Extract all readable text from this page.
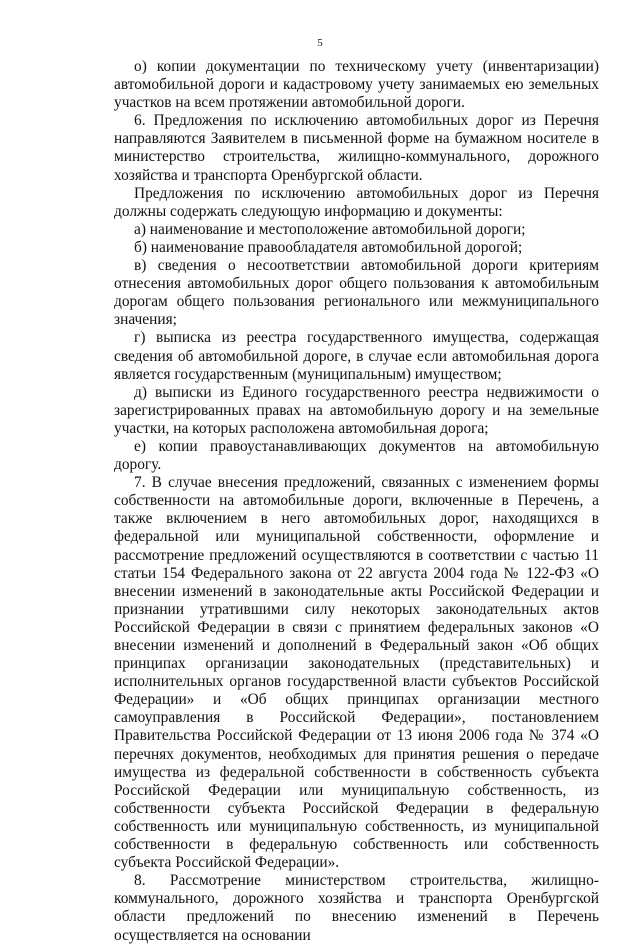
5

о) копии документации по техническому учету (инвентаризации) автомобильной дороги и кадастровому учету занимаемых ею земельных участков на всем протяжении автомобильной дороги.

6. Предложения по исключению автомобильных дорог из Перечня направляются Заявителем в письменной форме на бумажном носителе в министерство строительства, жилищно-коммунального, дорожного хозяйства и транспорта Оренбургской области.

Предложения по исключению автомобильных дорог из Перечня должны содержать следующую информацию и документы:

а) наименование и местоположение автомобильной дороги;

б) наименование правообладателя автомобильной дорогой;

в) сведения о несоответствии автомобильной дороги критериям отнесения автомобильных дорог общего пользования к автомобильным дорогам общего пользования регионального или межмуниципального значения;

г) выписка из реестра государственного имущества, содержащая сведения об автомобильной дороге, в случае если автомобильная дорога является государственным (муниципальным) имуществом;

д) выписки из Единого государственного реестра недвижимости о зарегистрированных правах на автомобильную дорогу и на земельные участки, на которых расположена автомобильная дорога;

е) копии правоустанавливающих документов на автомобильную дорогу.

7. В случае внесения предложений, связанных с изменением формы собственности на автомобильные дороги, включенные в Перечень, а также включением в него автомобильных дорог, находящихся в федеральной или муниципальной собственности, оформление и рассмотрение предложений осуществляются в соответствии с частью 11 статьи 154 Федерального закона от 22 августа 2004 года № 122-ФЗ «О внесении изменений в законодательные акты Российской Федерации и признании утратившими силу некоторых законодательных актов Российской Федерации в связи с принятием федеральных законов «О внесении изменений и дополнений в Федеральный закон «Об общих принципах организации законодательных (представительных) и исполнительных органов государственной власти субъектов Российской Федерации» и «Об общих принципах организации местного самоуправления в Российской Федерации», постановлением Правительства Российской Федерации от 13 июня 2006 года № 374 «О перечнях документов, необходимых для принятия решения о передаче имущества из федеральной собственности в собственность субъекта Российской Федерации или муниципальную собственность, из собственности субъекта Российской Федерации в федеральную собственность или муниципальную собственность, из муниципальной собственности в федеральную собственность или собственность субъекта Российской Федерации».

8. Рассмотрение министерством строительства, жилищно-коммунального, дорожного хозяйства и транспорта Оренбургской области предложений по внесению изменений в Перечень осуществляется на основании
